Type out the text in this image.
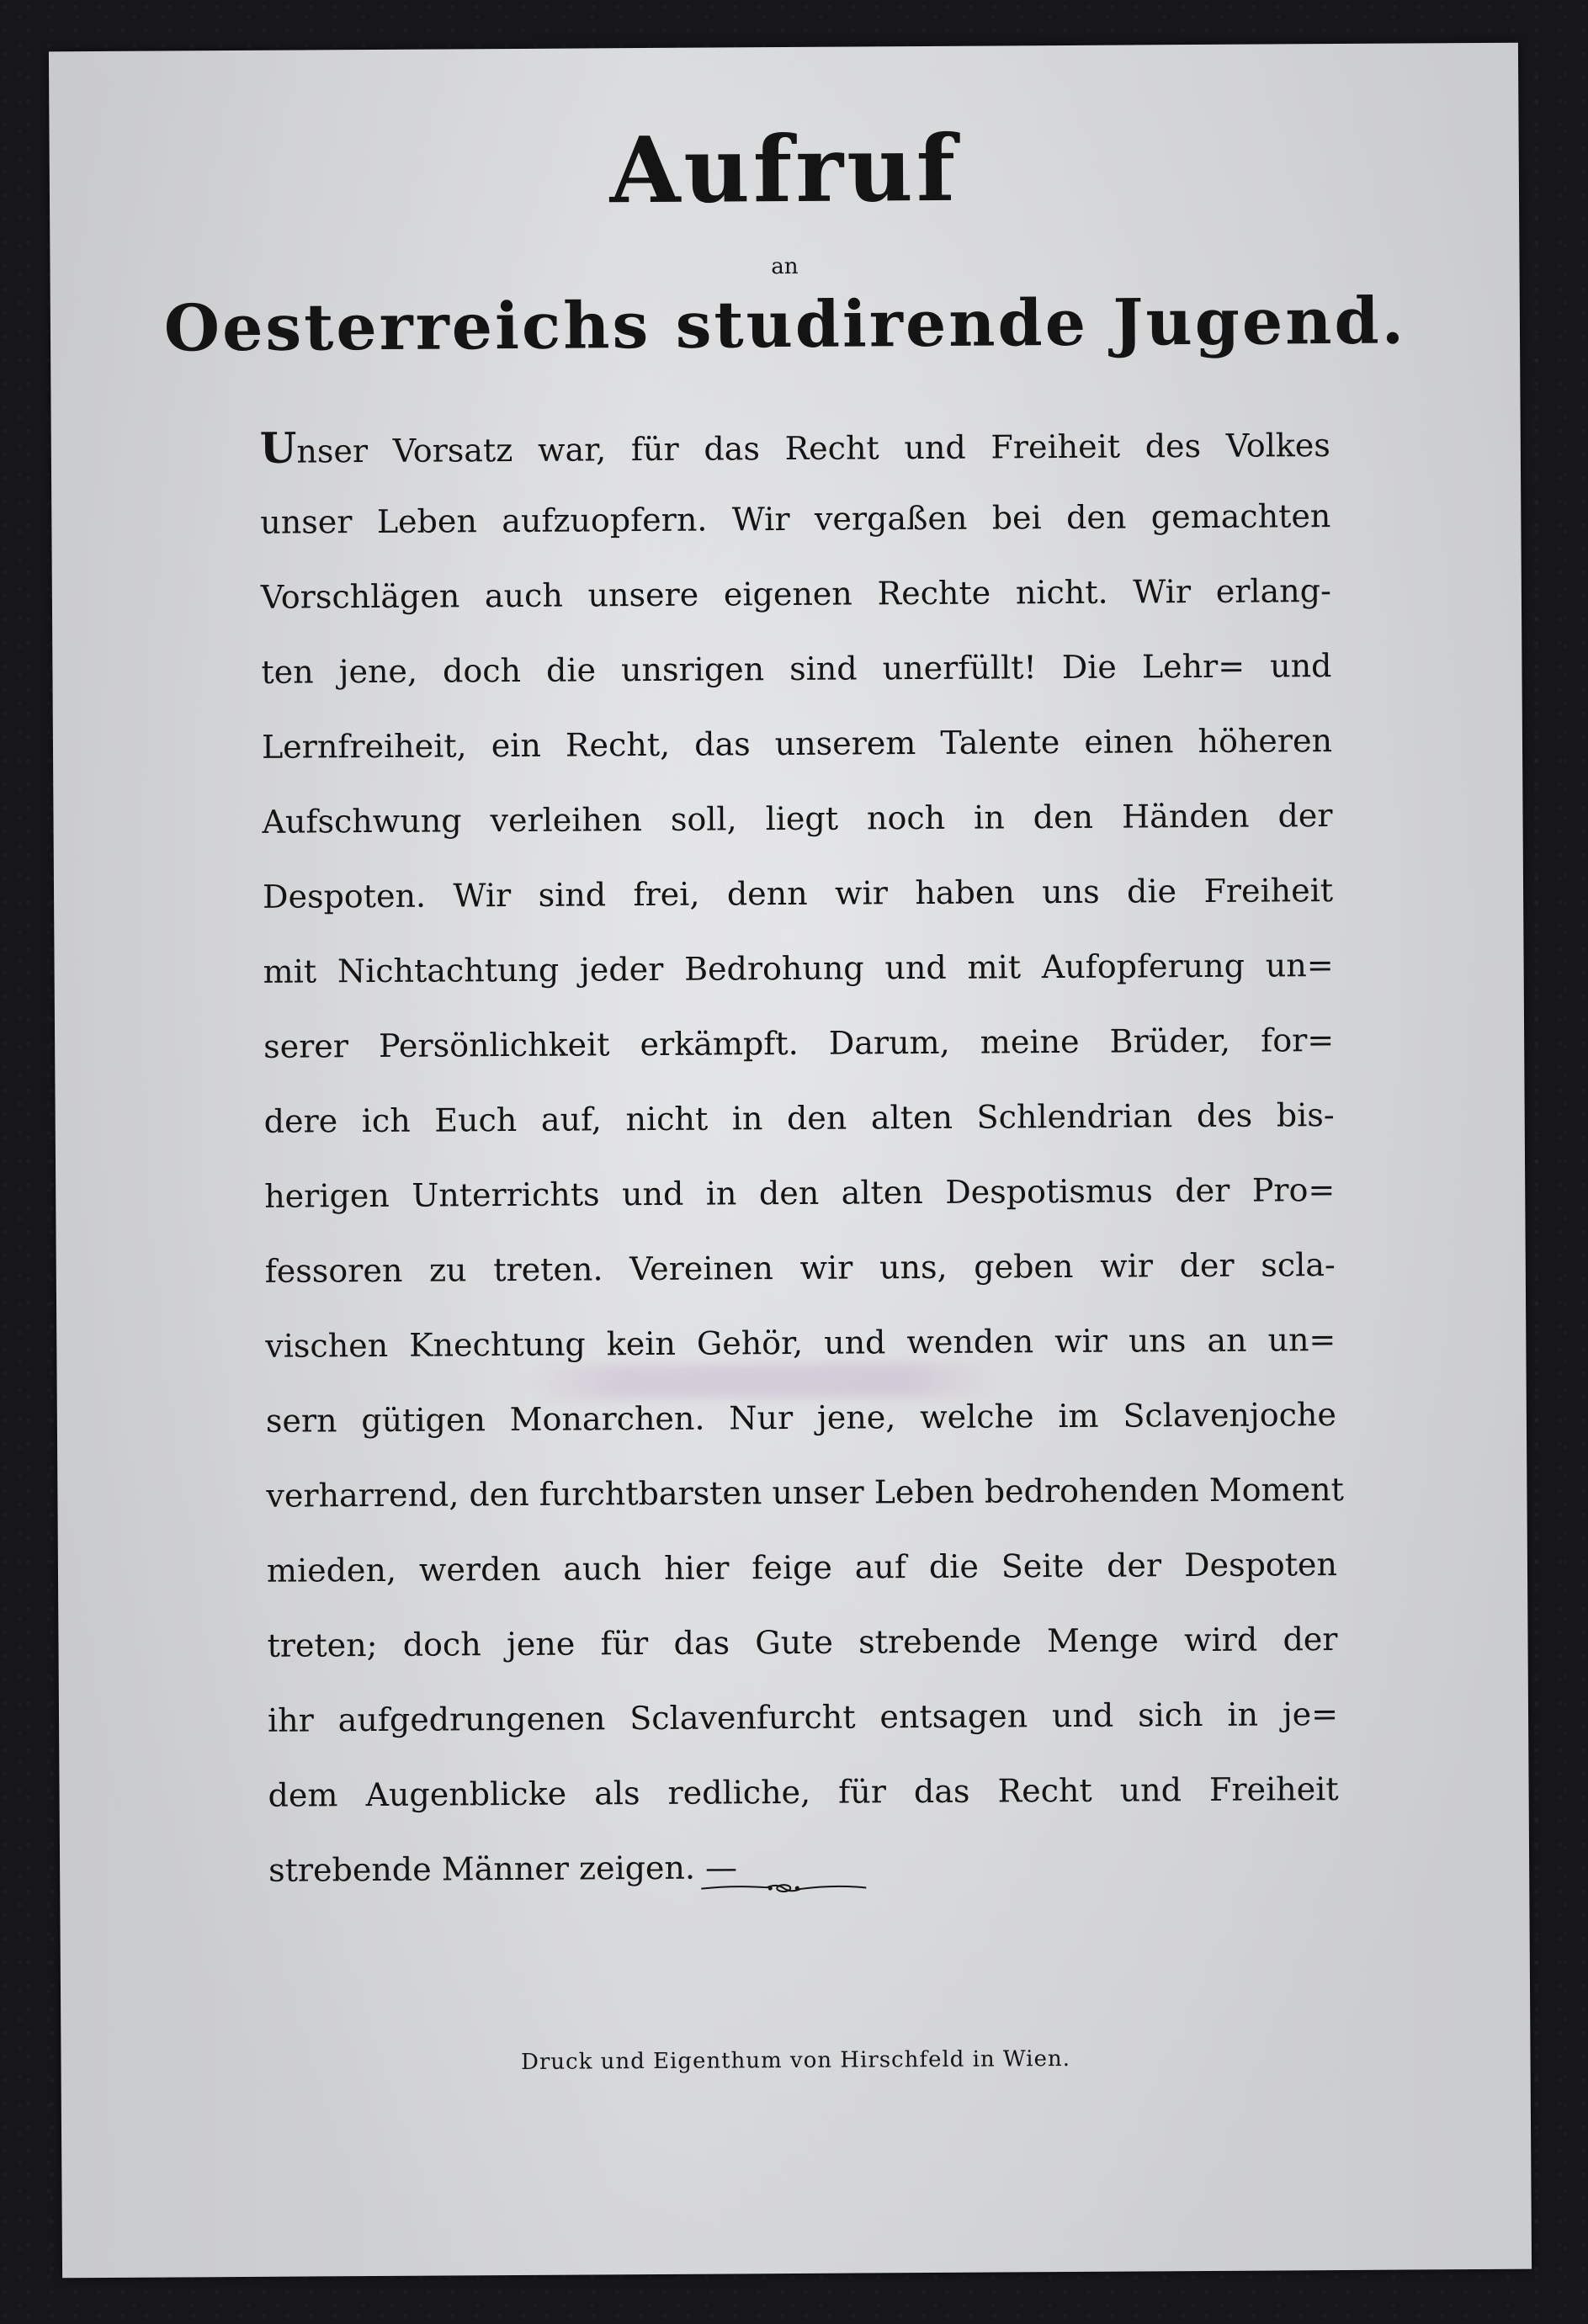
Aufruf
an
Oesterreichs studirende Jugend.
Unser Vorsatz war, für das Recht und Freiheit des Volkes
unser Leben aufzuopfern. Wir vergaßen bei den gemachten
Vorschlägen auch unsere eigenen Rechte nicht. Wir erlang-
ten jene, doch die unsrigen sind unerfüllt! Die Lehr= und
Lernfreiheit, ein Recht, das unserem Talente einen höheren
Aufschwung verleihen soll, liegt noch in den Händen der
Despoten. Wir sind frei, denn wir haben uns die Freiheit
mit Nichtachtung jeder Bedrohung und mit Aufopferung un=
serer Persönlichkeit erkämpft. Darum, meine Brüder, for=
dere ich Euch auf, nicht in den alten Schlendrian des bis-
herigen Unterrichts und in den alten Despotismus der Pro=
fessoren zu treten. Vereinen wir uns, geben wir der scla-
vischen Knechtung kein Gehör, und wenden wir uns an un=
sern gütigen Monarchen. Nur jene, welche im Sclavenjoche
verharrend, den furchtbarsten unser Leben bedrohenden Moment
mieden, werden auch hier feige auf die Seite der Despoten
treten; doch jene für das Gute strebende Menge wird der
ihr aufgedrungenen Sclavenfurcht entsagen und sich in je=
dem Augenblicke als redliche, für das Recht und Freiheit
strebende Männer zeigen. —
Druck und Eigenthum von Hirschfeld in Wien.
